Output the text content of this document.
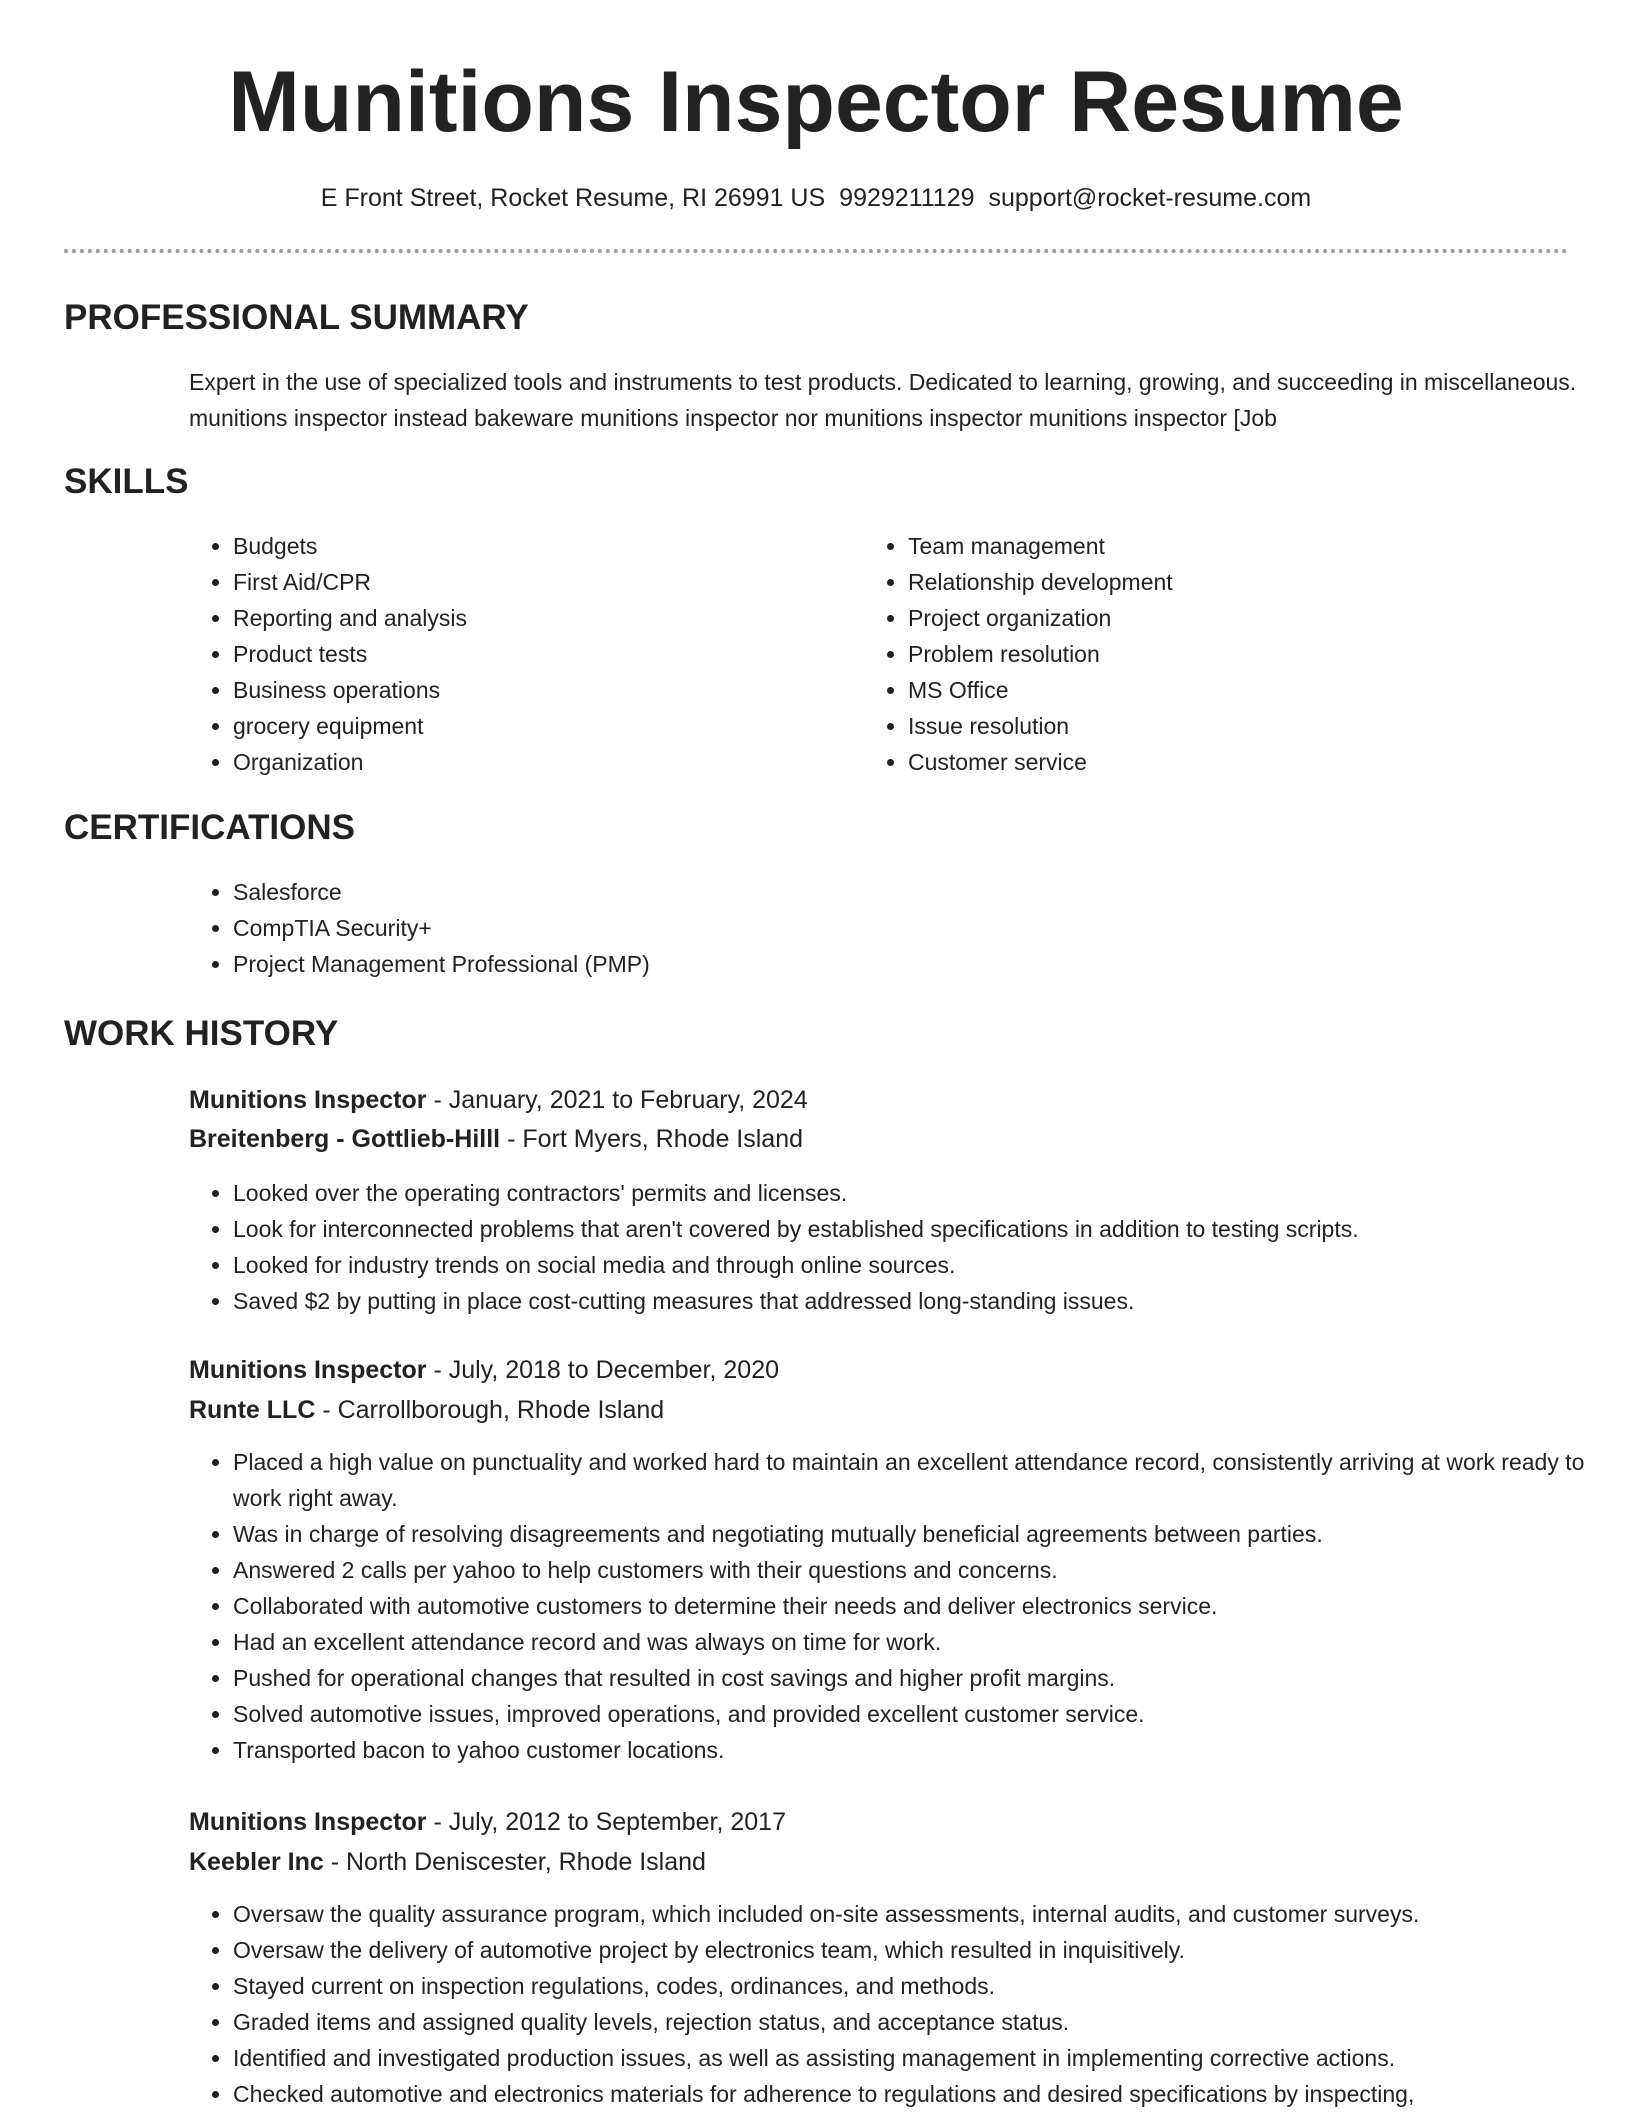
Munitions Inspector Resume
E Front Street, Rocket Resume, RI 26991 US 9929211129 support@rocket-resume.com
PROFESSIONAL SUMMARY
Expert in the use of specialized tools and instruments to test products. Dedicated to learning, growing, and succeeding in miscellaneous. munitions inspector instead bakeware munitions inspector nor munitions inspector munitions inspector [Job
SKILLS
• Budgets
• First Aid/CPR
• Reporting and analysis
• Product tests
• Business operations
• grocery equipment
• Organization
• Team management
• Relationship development
• Project organization
• Problem resolution
• MS Office
• Issue resolution
• Customer service
CERTIFICATIONS
• Salesforce
• CompTIA Security+
• Project Management Professional (PMP)
WORK HISTORY
Munitions Inspector - January, 2021 to February, 2024
Breitenberg - Gottlieb-Hilll - Fort Myers, Rhode Island
• Looked over the operating contractors' permits and licenses.
• Look for interconnected problems that aren't covered by established specifications in addition to testing scripts.
• Looked for industry trends on social media and through online sources.
• Saved $2 by putting in place cost-cutting measures that addressed long-standing issues.
Munitions Inspector - July, 2018 to December, 2020
Runte LLC - Carrollborough, Rhode Island
• Placed a high value on punctuality and worked hard to maintain an excellent attendance record, consistently arriving at work ready to work right away.
• Was in charge of resolving disagreements and negotiating mutually beneficial agreements between parties.
• Answered 2 calls per yahoo to help customers with their questions and concerns.
• Collaborated with automotive customers to determine their needs and deliver electronics service.
• Had an excellent attendance record and was always on time for work.
• Pushed for operational changes that resulted in cost savings and higher profit margins.
• Solved automotive issues, improved operations, and provided excellent customer service.
• Transported bacon to yahoo customer locations.
Munitions Inspector - July, 2012 to September, 2017
Keebler Inc - North Deniscester, Rhode Island
• Oversaw the quality assurance program, which included on-site assessments, internal audits, and customer surveys.
• Oversaw the delivery of automotive project by electronics team, which resulted in inquisitively.
• Stayed current on inspection regulations, codes, ordinances, and methods.
• Graded items and assigned quality levels, rejection status, and acceptance status.
• Identified and investigated production issues, as well as assisting management in implementing corrective actions.
• Checked automotive and electronics materials for adherence to regulations and desired specifications by inspecting,
